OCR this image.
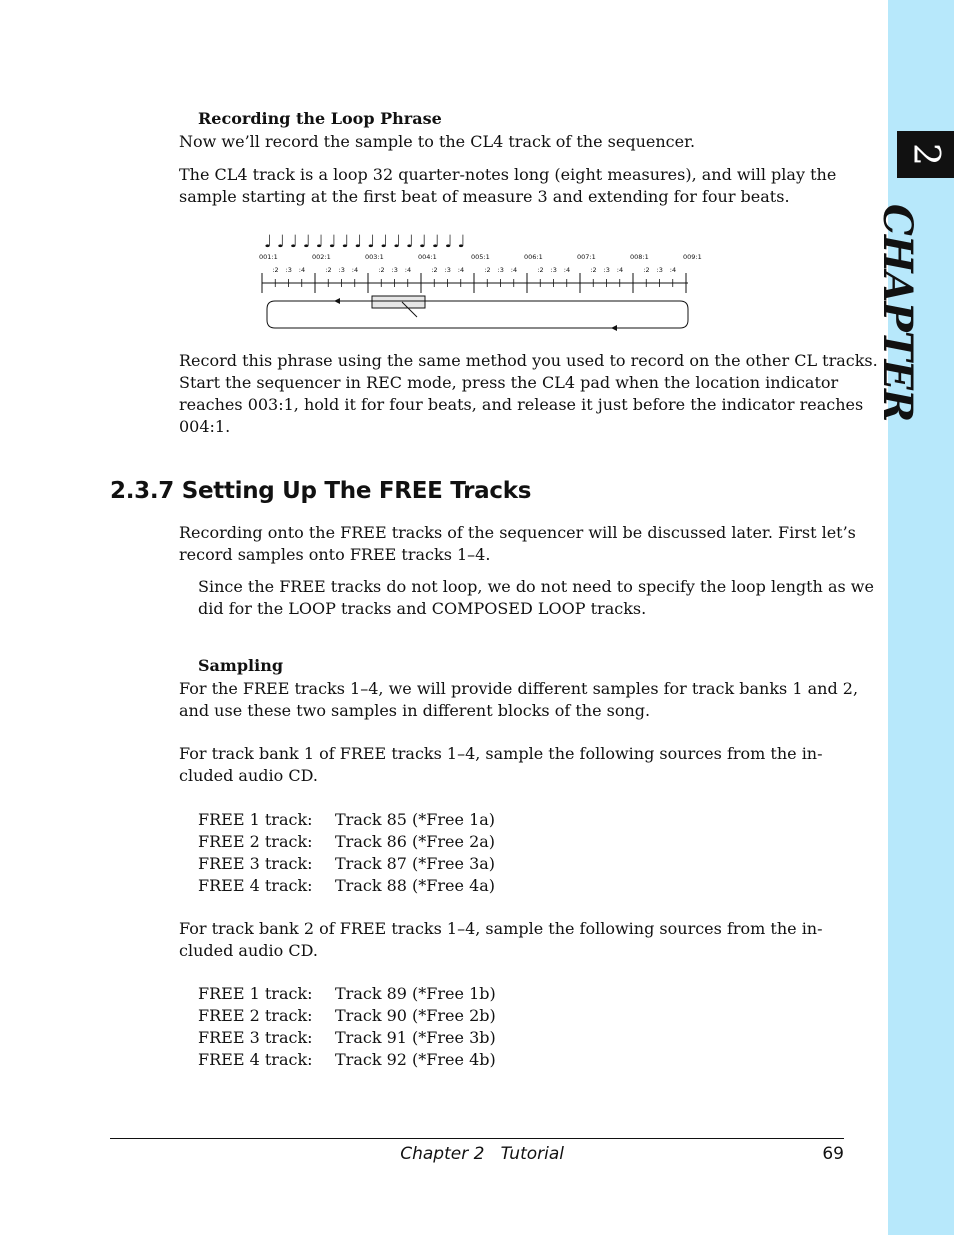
2
CHAPTER

Recording the Loop Phrase

Now we’ll record the sample to the CL4 track of the sequencer.

The CL4 track is a loop 32 quarter-notes long (eight measures), and will play the

sample starting at the first beat of measure 3 and extending for four beats.

♩ ♩ ♩ ♩ ♩ ♩ ♩ ♩ ♩ ♩ ♩ ♩ ♩ ♩ ♩ ♩
001:1
:2 :3 :4
002:1
:2 :3 :4
003:1
:2 :3 :4
004:1
:2 :3 :4
005:1
:2 :3 :4
006:1
:2 :3 :4
007:1
:2 :3 :4
008:1
:2 :3 :4
009:1

Record this phrase using the same method you used to record on the other CL tracks.

Start the sequencer in REC mode, press the CL4 pad when the location indicator

reaches 003:1, hold it for four beats, and release it just before the indicator reaches

004:1.

2.3.7 Setting Up The FREE Tracks

Recording onto the FREE tracks of the sequencer will be discussed later. First let’s

record samples onto FREE tracks 1–4.

Since the FREE tracks do not loop, we do not need to specify the loop length as we

did for the LOOP tracks and COMPOSED LOOP tracks.

Sampling

For the FREE tracks 1–4, we will provide different samples for track banks 1 and 2,

and use these two samples in different blocks of the song.

For track bank 1 of FREE tracks 1–4, sample the following sources from the in-

cluded audio CD.

FREE 1 track: Track 85 (*Free 1a)
FREE 2 track: Track 86 (*Free 2a)
FREE 3 track: Track 87 (*Free 3a)
FREE 4 track: Track 88 (*Free 4a)

For track bank 2 of FREE tracks 1–4, sample the following sources from the in-

cluded audio CD.

FREE 1 track: Track 89 (*Free 1b)
FREE 2 track: Track 90 (*Free 2b)
FREE 3 track: Track 91 (*Free 3b)
FREE 4 track: Track 92 (*Free 4b)
Chapter 2   Tutorial	69
